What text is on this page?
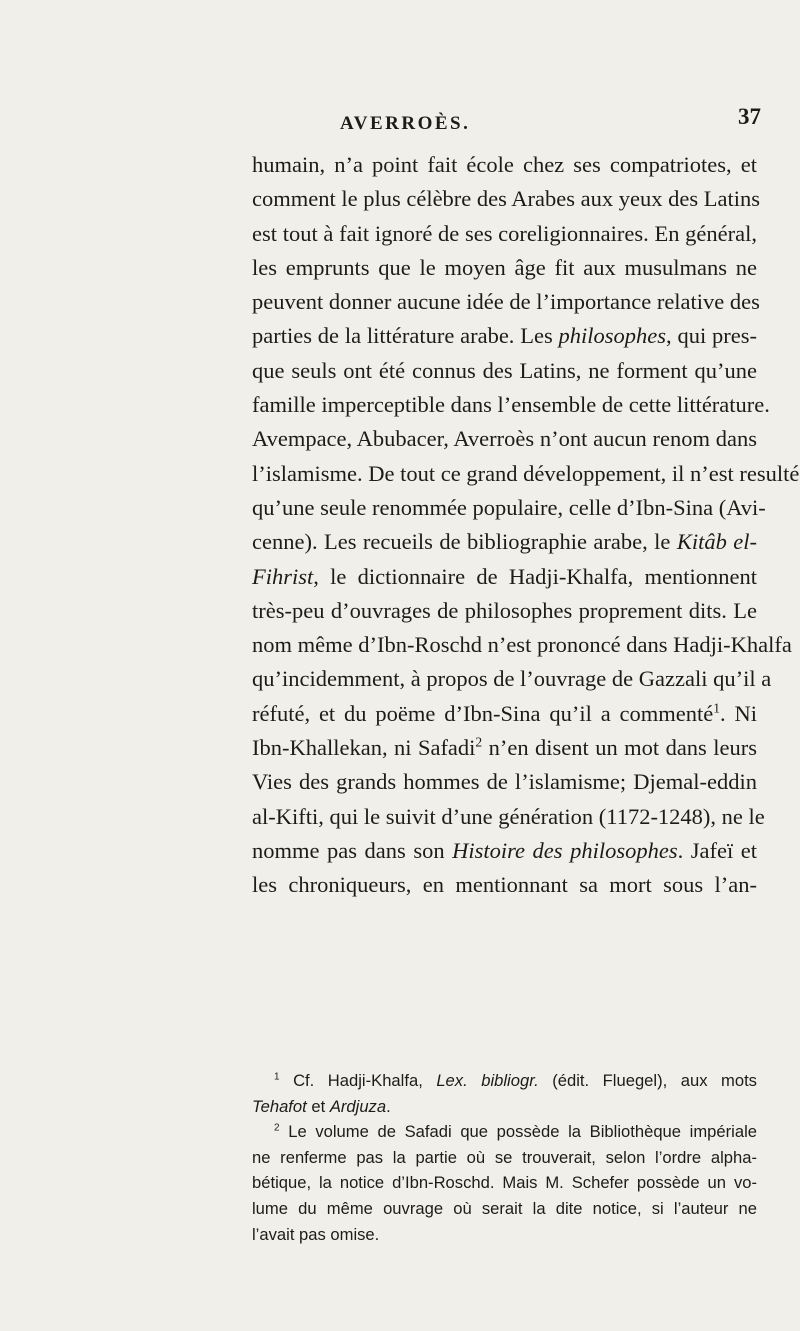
AVERROÈS.	37
humain, n’a point fait école chez ses compatriotes, et
comment le plus célèbre des Arabes aux yeux des Latins
est tout à fait ignoré de ses coreligionnaires. En général,
les emprunts que le moyen âge fit aux musulmans ne
peuvent donner aucune idée de l’importance relative des
parties de la littérature arabe. Les philosophes, qui pres-
que seuls ont été connus des Latins, ne forment qu’une
famille imperceptible dans l’ensemble de cette littérature.
Avempace, Abubacer, Averroès n’ont aucun renom dans
l’islamisme. De tout ce grand développement, il n’est resulté
qu’une seule renommée populaire, celle d’Ibn-Sina (Avi-
cenne). Les recueils de bibliographie arabe, le Kitâb el-
Fihrist, le dictionnaire de Hadji-Khalfa, mentionnent
très-peu d’ouvrages de philosophes proprement dits. Le
nom même d’Ibn-Roschd n’est prononcé dans Hadji-Khalfa
qu’incidemment, à propos de l’ouvrage de Gazzali qu’il a
réfuté, et du poëme d’Ibn-Sina qu’il a commenté$^1$. Ni
Ibn-Khallekan, ni Safadi$^2$ n’en disent un mot dans leurs
Vies des grands hommes de l’islamisme; Djemal-eddin
al-Kifti, qui le suivit d’une génération (1172-1248), ne le
nomme pas dans son Histoire des philosophes. Jafeï et
les chroniqueurs, en mentionnant sa mort sous l’an-
$^1$ Cf. Hadji-Khalfa, Lex. bibliogr. (édit. Fluegel), aux mots
Tehafot et Ardjuza.
$^2$ Le volume de Safadi que possède la Bibliothèque impériale
ne renferme pas la partie où se trouverait, selon l’ordre alpha-
bétique, la notice d’Ibn-Roschd. Mais M. Schefer possède un vo-
lume du même ouvrage où serait la dite notice, si l’auteur ne
l’avait pas omise.
